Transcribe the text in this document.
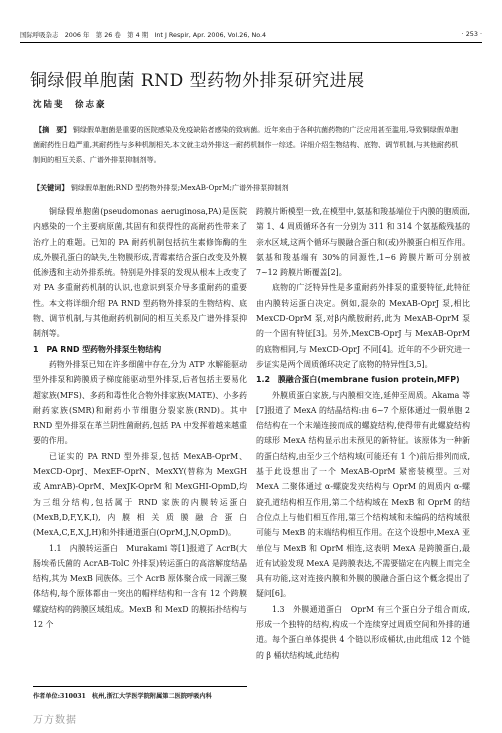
国际呼吸杂志　2006 年　第 26 卷　第 4 期　Int J Respir, Apr. 2006, Vol.26, No.4	· 253 ·
铜绿假单胞菌 RND 型药物外排泵研究进展
沈陆斐　徐志豪
【摘　要】 铜绿假单胞菌是重要的医院感染及免疫缺陷者感染的致病菌。近年来由于各种抗菌药物的广泛应用甚至滥用,导致铜绿假单胞菌耐药性日趋严重,其耐药性与多种机制相关,本文就主动外排这一耐药机制作一综述。详细介绍生物结构、底物、调节机制,与其他耐药机制间的相互关系、广谱外排泵抑制剂等。
【关键词】 铜绿假单胞菌;RND 型药物外排泵;MexAB-OprM;广谱外排泵抑制剂

铜绿假单胞菌(pseudomonas aeruginosa,PA)是医院内感染的一个主要病原菌,其固有和获得性的高耐药性带来了治疗上的难题。已知的 PA 耐药机制包括抗生素修饰酶的生成,外膜孔蛋白的缺失,生物膜形成,青霉素结合蛋白改变及外膜低渗透和主动外排系统。特别是外排泵的发现从根本上改变了对 PA 多重耐药机制的认识,也意识到泵介导多重耐药的重要性。本文将详细介绍 PA RND 型药物外排泵的生物结构、底物、调节机制,与其他耐药机制间的相互关系及广谱外排泵抑制剂等。

1　PA RND 型药物外排泵生物结构

药物外排泵已知在许多细菌中存在,分为 ATP 水解能驱动型外排泵和跨膜质子梯度能驱动型外排泵,后者包括主要易化超家族(MFS)、多药和毒性化合物外排家族(MATE)、小多药耐药家族(SMR)和耐药小节细胞分裂家族(RND)。其中 RND 型外排泵在革兰阴性菌耐药,包括 PA 中发挥着越来越重要的作用。

已证实的 PA RND 型外排泵,包括 MexAB-OprM、MexCD-OprJ、MexEF-OprN、MexXY(替称为 MexGH 或 AmrAB)-OprM、MexJK-OprM 和 MexGHI-OpmD,均为三组分结构,包括属于 RND 家族的内膜转运蛋白(MexB,D,F,Y,K,I),内膜相关质膜融合蛋白(MexA,C,E,X,J,H)和外排通道蛋白(OprM,J,N,OpmD)。

1.1　内膜转运蛋白　Murakami 等[1]报道了 AcrB(大肠埃希氏菌的 AcrAB-TolC 外排泵)转运蛋白的高溶解度结晶结构,其为 MexB 同族体。三个 AcrB 原体聚合成一同源三聚体结构,每个原体都由一突出的帽样结构和一含有 12 个跨膜螺旋结构的跨膜区域组成。MexB 和 MexD 的膜拓扑结构与 12 个

跨膜片断模型一致,在模型中,氨基和羧基端位于内膜的胞质面,第 1、4 周质循环各有一分别为 311 和 314 个氨基酸残基的亲水区域,这两个循环与膜融合蛋白和(或)外膜蛋白相互作用。氨基和羧基端有 30%的同源性,1~6 跨膜片断可分别被 7~12 跨膜片断覆盖[2]。

底物的广泛特异性是多重耐药外排泵的重要特征,此特征由内膜转运蛋白决定。例如,混杂的 MexAB-OprJ 泵,相比 MexCD-OprM 泵,对β内酰胺耐药,此为 MexAB-OprM 泵的一个固有特征[3]。另外,MexCB-OprJ 与 MexAB-OprM 的底物相同,与 MexCD-OprJ 不同[4]。近年的不少研究进一步证实是两个周质循环决定了底物的特异性[3,5]。

1.2　膜融合蛋白(membrane fusion protein,MFP)

外膜质蛋白家族,与内膜相交连,延伸至周质。Akama 等[7]报道了 MexA 的结晶结构:由 6~7 个原体通过一假单胞 2 倍结构在一个末端连接而成的螺旋结构,使得带有此螺旋结构的球形 MexA 结构显示出未预见的新特征。该原体为一种新的蛋白结构,由至少三个结构域(可能还有 1 个)前后排列而成,基于此设想出了一个 MexAB-OprM 紧密装模型。三对 MexA 二聚体通过 α-螺旋发夹结构与 OprM 的周质内 α-螺旋孔道结构相互作用,第二个结构域在 MexB 和 OprM 的结合位点上与他们相互作用,第三个结构域和未编码的结构域很可能与 MexB 的末端结构相互作用。在这个设想中,MexA 亚单位与 MexB 和 OprM 相连,这表明 MexA 是跨膜蛋白,最近有试验发现 MexA 是跨膜表达,不需要锚定在内膜上而完全具有功能,这对连接内膜和外膜的膜融合蛋白这个概念提出了疑问[6]。

1.3　外膜通道蛋白　OprM 有三个蛋白分子组合而成,形成一个独特的结构,构成一个连续穿过周质空间和外排的通道。每个蛋白单体提供 4 个链以形成桶状,由此组成 12 个链的 β 桶状结构域,此结构

作者单位:310031　杭州,浙江大学医学院附属第二医院呼吸内科
万方数据
